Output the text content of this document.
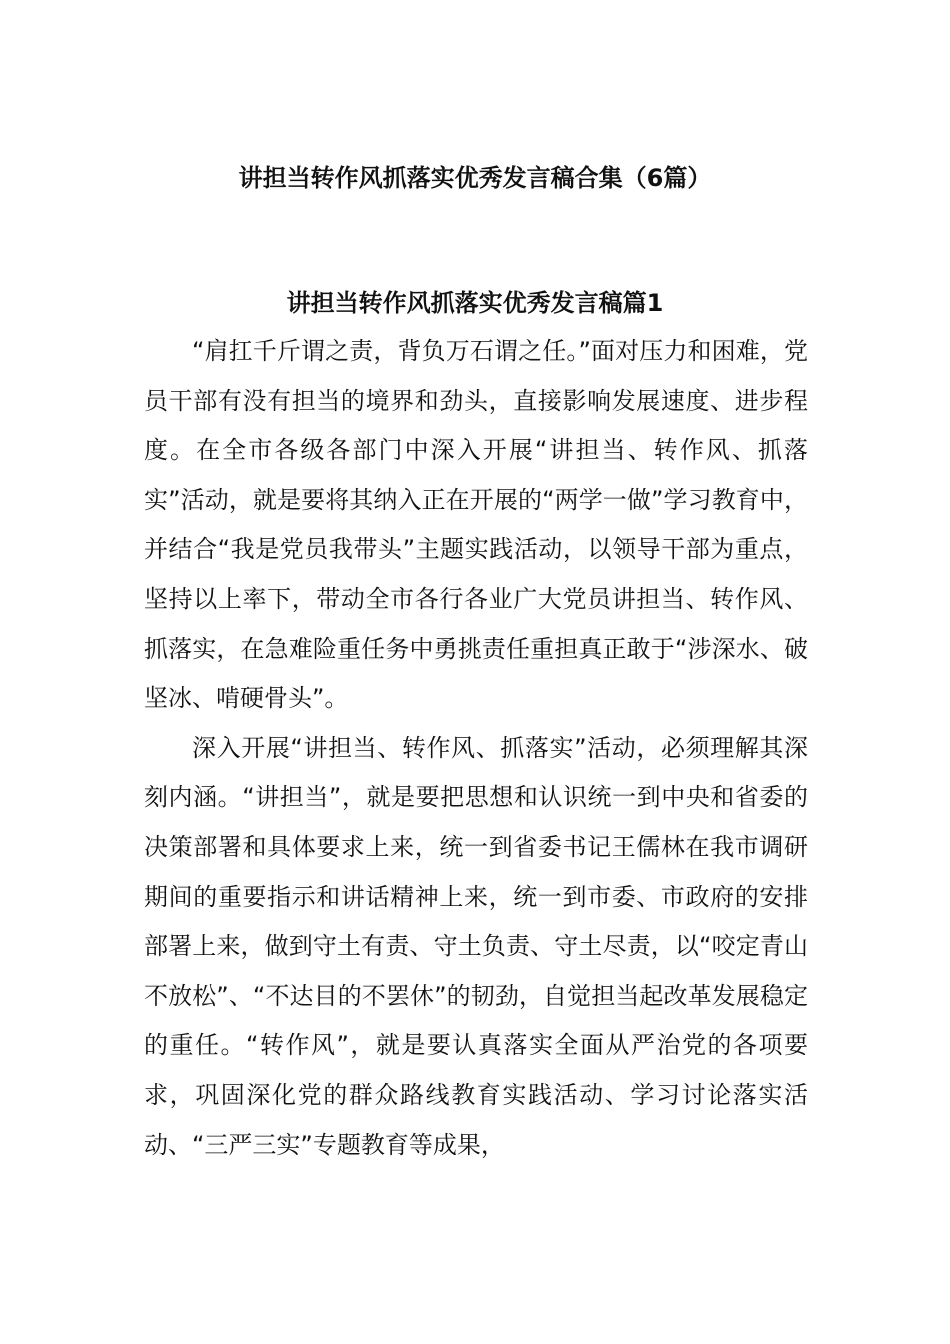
讲担当转作风抓落实优秀发言稿合集（6篇）
讲担当转作风抓落实优秀发言稿篇1

“肩扛千斤谓之责，背负万石谓之任。”面对压力和困难，党员干部有没有担当的境界和劲头，直接影响发展速度、进步程度。在全市各级各部门中深入开展“讲担当、转作风、抓落实”活动，就是要将其纳入正在开展的“两学一做”学习教育中，并结合“我是党员我带头”主题实践活动，以领导干部为重点，坚持以上率下，带动全市各行各业广大党员讲担当、转作风、抓落实，在急难险重任务中勇挑责任重担真正敢于“涉深水、破坚冰、啃硬骨头”。

深入开展“讲担当、转作风、抓落实”活动，必须理解其深刻内涵。“讲担当”，就是要把思想和认识统一到中央和省委的决策部署和具体要求上来，统一到省委书记王儒林在我市调研期间的重要指示和讲话精神上来，统一到市委、市政府的安排部署上来，做到守土有责、守土负责、守土尽责，以“咬定青山不放松”、“不达目的不罢休”的韧劲，自觉担当起改革发展稳定的重任。“转作风”，就是要认真落实全面从严治党的各项要求，巩固深化党的群众路线教育实践活动、学习讨论落实活动、“三严三实”专题教育等成果，
